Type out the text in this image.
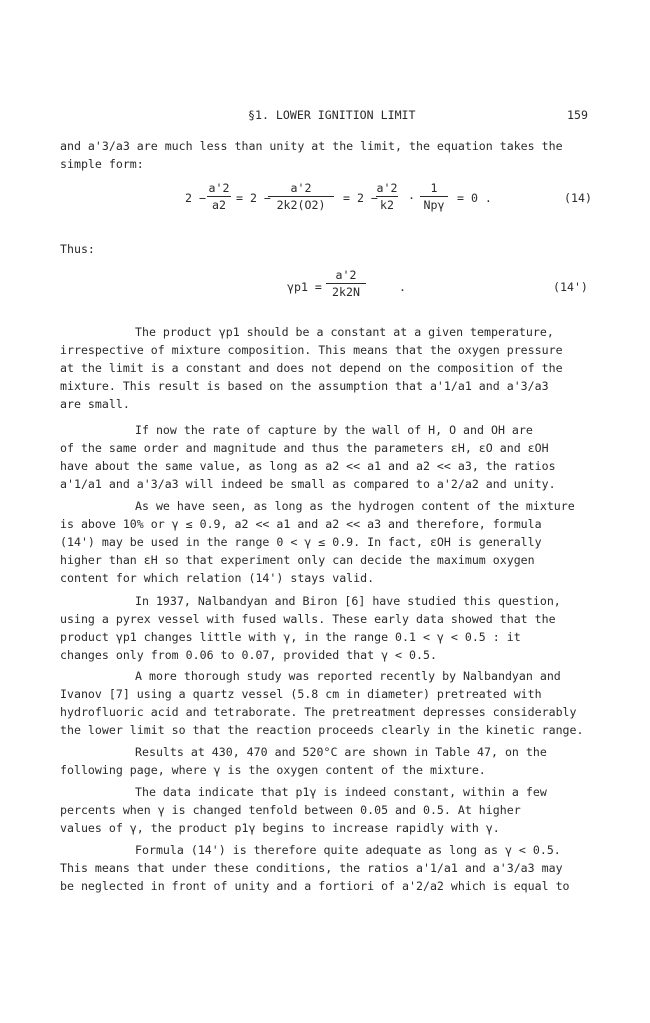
§1. LOWER IGNITION LIMIT	159
and a'3/a3 are much less than unity at the limit, the equation takes the
simple form:
2 −
a'2
a2 = 2 −
a'2
2k2(O2)	= 2 −
a'2
k2	·
1
Npγ	= 0 .	(14)
Thus:
γp1 =
a'2
2k2N	.	(14')
The product γp1 should be a constant at a given temperature,
irrespective of mixture composition. This means that the oxygen pressure
at the limit is a constant and does not depend on the composition of the
mixture. This result is based on the assumption that a'1/a1 and a'3/a3
are small.
If now the rate of capture by the wall of H, O and OH are
of the same order and magnitude and thus the parameters εH, εO and εOH
have about the same value, as long as a2 << a1 and a2 << a3, the ratios
a'1/a1 and a'3/a3 will indeed be small as compared to a'2/a2 and unity.
As we have seen, as long as the hydrogen content of the mixture
is above 10% or γ ≤ 0.9, a2 << a1 and a2 << a3 and therefore, formula
(14') may be used in the range 0 < γ ≤ 0.9. In fact, εOH is generally
higher than εH so that experiment only can decide the maximum oxygen
content for which relation (14') stays valid.
In 1937, Nalbandyan and Biron [6] have studied this question,
using a pyrex vessel with fused walls. These early data showed that the
product γp1 changes little with γ, in the range 0.1 < γ < 0.5 : it
changes only from 0.06 to 0.07, provided that γ < 0.5.
A more thorough study was reported recently by Nalbandyan and
Ivanov [7] using a quartz vessel (5.8 cm in diameter) pretreated with
hydrofluoric acid and tetraborate. The pretreatment depresses considerably
the lower limit so that the reaction proceeds clearly in the kinetic range.
Results at 430, 470 and 520°C are shown in Table 47, on the
following page, where γ is the oxygen content of the mixture.
The data indicate that p1γ is indeed constant, within a few
percents when γ is changed tenfold between 0.05 and 0.5. At higher
values of γ, the product p1γ begins to increase rapidly with γ.
Formula (14') is therefore quite adequate as long as γ < 0.5.
This means that under these conditions, the ratios a'1/a1 and a'3/a3 may
be neglected in front of unity and a fortiori of a'2/a2 which is equal to
